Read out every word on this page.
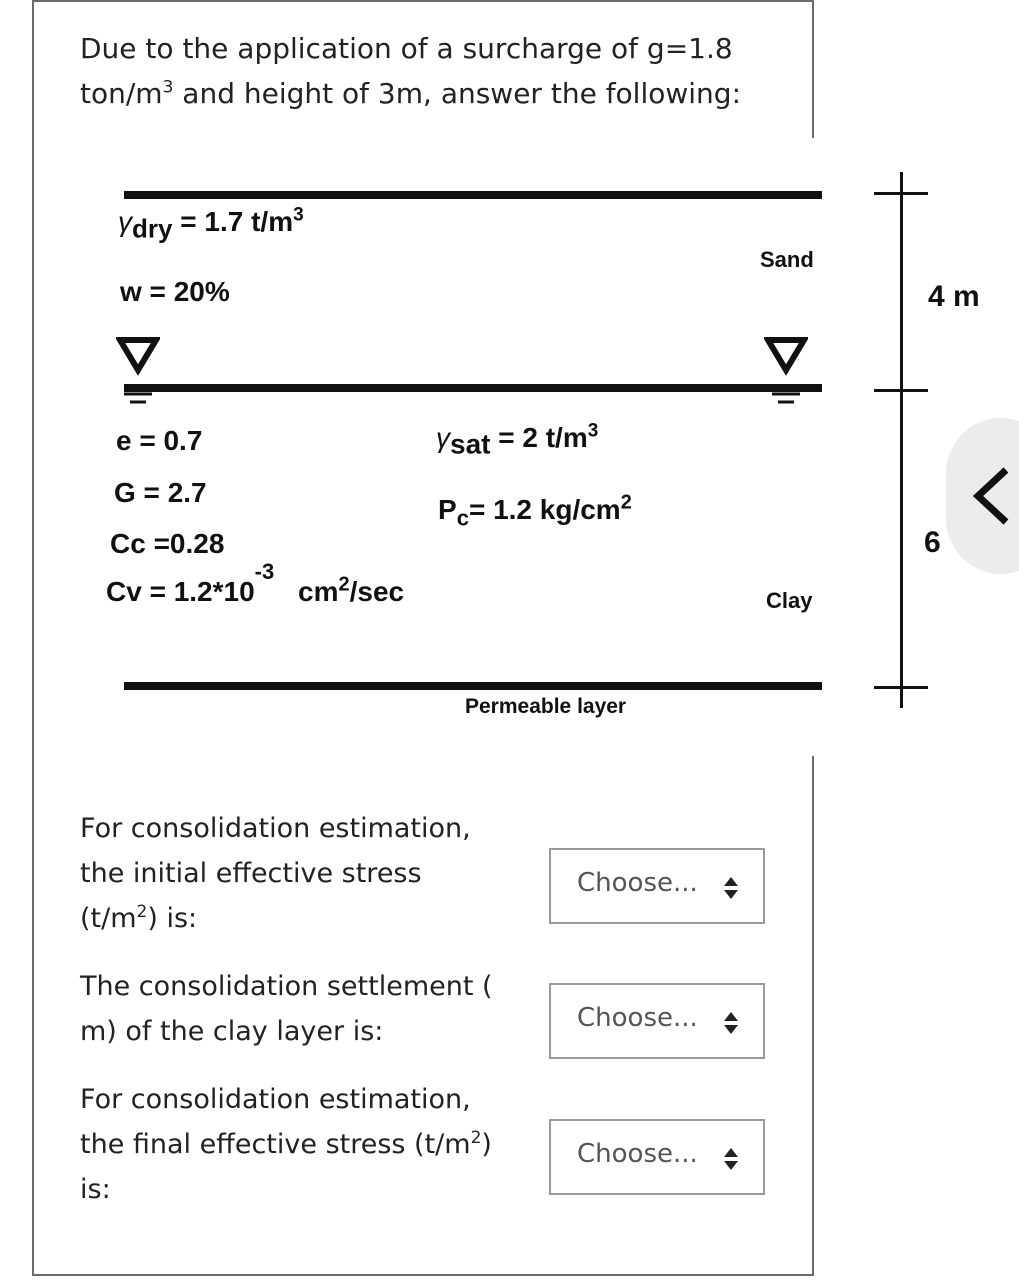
Due to the application of a surcharge of g=1.8 ton/$m^3$ and height of 3m, answer the following:
γdry = 1.7 $t/m^3$
w = 20%
Sand
e = 0.7
G = 2.7
Cc =0.28
$Cv = 1.2*10^{-3}$ $cm^2/\sec$
γsat = 2 $t/m^3$
$P_c= 1.2$ $kg/cm^2$
Clay
Permeable layer
4 m
6
For consolidation estimation,
the initial effective stress
$(t/m^2)$ is:
Choose...
The consolidation settlement (
m) of the clay layer is:	Choose...
For consolidation estimation,
the final effective stress $(t/m^2)$
is:
Choose...
